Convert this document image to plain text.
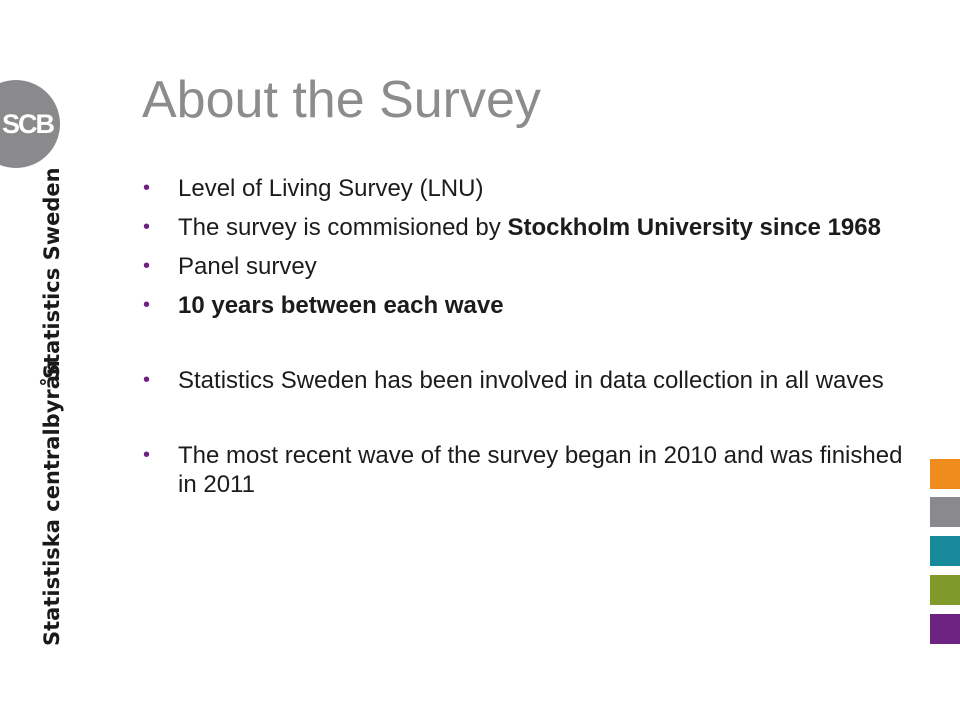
SCB
Statistics Sweden
Statistiska centralbyrån
About the Survey
• Level of Living Survey (LNU)
• The survey is commisioned by Stockholm University since 1968
• Panel survey
• 10 years between each wave
• Statistics Sweden has been involved in data collection in all waves
• The most recent wave of the survey began in 2010 and was finished in 2011
